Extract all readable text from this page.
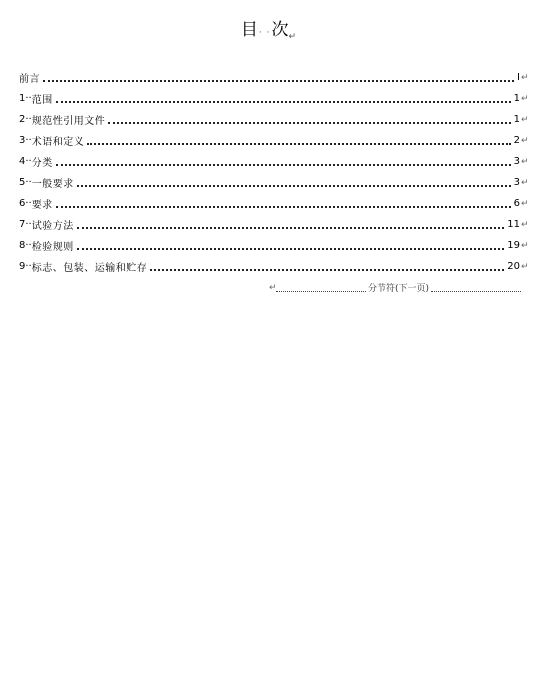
目· ·次$_↵$
前言	I ↵
1·· 范围	1 ↵
2·· 规范性引用文件	1 ↵
3·· 术语和定义	2 ↵
4·· 分类	3 ↵
5·· 一般要求	3 ↵
6·· 要求	6 ↵
7·· 试验方法	11 ↵
8·· 检验规则	19 ↵
9·· 标志、包装、运输和贮存	20 ↵
↵	分节符(下一页)
